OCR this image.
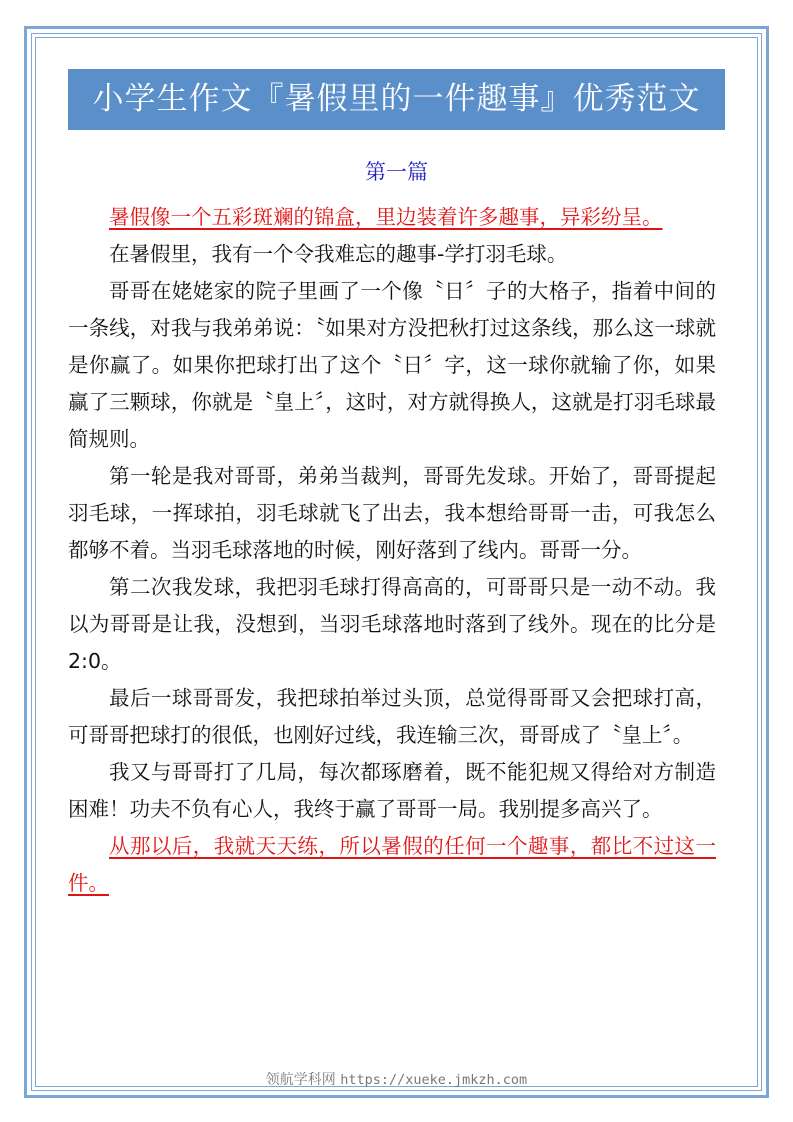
小学生作文『暑假里的一件趣事』优秀范文
第一篇

暑假像一个五彩斑斓的锦盒，里边装着许多趣事，异彩纷呈。

在暑假里，我有一个令我难忘的趣事-学打羽毛球。

哥哥在姥姥家的院子里画了一个像〝日〞子的大格子，指着中间的一条线，对我与我弟弟说：〝如果对方没把秋打过这条线，那么这一球就是你赢了。如果你把球打出了这个〝日〞字，这一球你就输了你，如果赢了三颗球，你就是〝皇上〞，这时，对方就得换人，这就是打羽毛球最简规则。

第一轮是我对哥哥，弟弟当裁判，哥哥先发球。开始了，哥哥提起羽毛球，一挥球拍，羽毛球就飞了出去，我本想给哥哥一击，可我怎么都够不着。当羽毛球落地的时候，刚好落到了线内。哥哥一分。

第二次我发球，我把羽毛球打得高高的，可哥哥只是一动不动。我以为哥哥是让我，没想到，当羽毛球落地时落到了线外。现在的比分是 2:0。

最后一球哥哥发，我把球拍举过头顶，总觉得哥哥又会把球打高，可哥哥把球打的很低，也刚好过线，我连输三次，哥哥成了〝皇上〞。

我又与哥哥打了几局，每次都琢磨着，既不能犯规又得给对方制造困难！功夫不负有心人，我终于赢了哥哥一局。我别提多高兴了。

从那以后，我就天天练，所以暑假的任何一个趣事，都比不过这一件。

领航学科网 https://xueke.jmkzh.com
